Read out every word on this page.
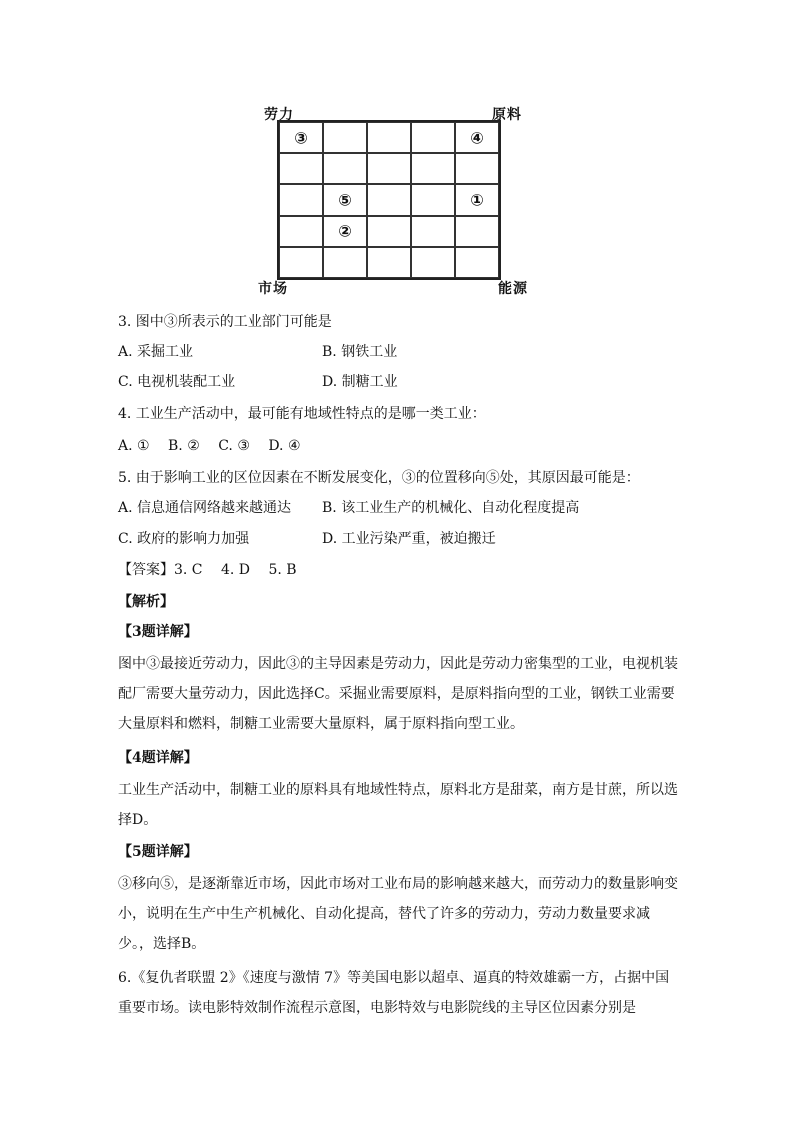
劳力	原料
市场	能源
③	④
⑤	①
②
3. 图中③所表示的工业部门可能是
A. 采掘工业	B. 钢铁工业
C. 电视机装配工业	D. 制糖工业
4. 工业生产活动中，最可能有地域性特点的是哪一类工业：
A. ①　 B. ②　 C. ③　 D. ④
5. 由于影响工业的区位因素在不断发展变化，③的位置移向⑤处，其原因最可能是：
A. 信息通信网络越来越通达 B. 该工业生产的机械化、自动化程度提高
C. 政府的影响力加强	D. 工业污染严重，被迫搬迁
【答案】3. C　 4. D　 5. B
【解析】
【3题详解】
图中③最接近劳动力，因此③的主导因素是劳动力，因此是劳动力密集型的工业，电视机装配厂需要大量劳动力，因此选择C。采掘业需要原料，是原料指向型的工业，钢铁工业需要大量原料和燃料，制糖工业需要大量原料，属于原料指向型工业。
【4题详解】
工业生产活动中，制糖工业的原料具有地域性特点，原料北方是甜菜，南方是甘蔗，所以选择D。
【5题详解】
③移向⑤，是逐渐靠近市场，因此市场对工业布局的影响越来越大，而劳动力的数量影响变小，说明在生产中生产机械化、自动化提高，替代了许多的劳动力，劳动力数量要求减少。，选择B。
6.《复仇者联盟 2》《速度与激情 7》等美国电影以超卓、逼真的特效雄霸一方，占据中国重要市场。读电影特效制作流程示意图，电影特效与电影院线的主导区位因素分别是
